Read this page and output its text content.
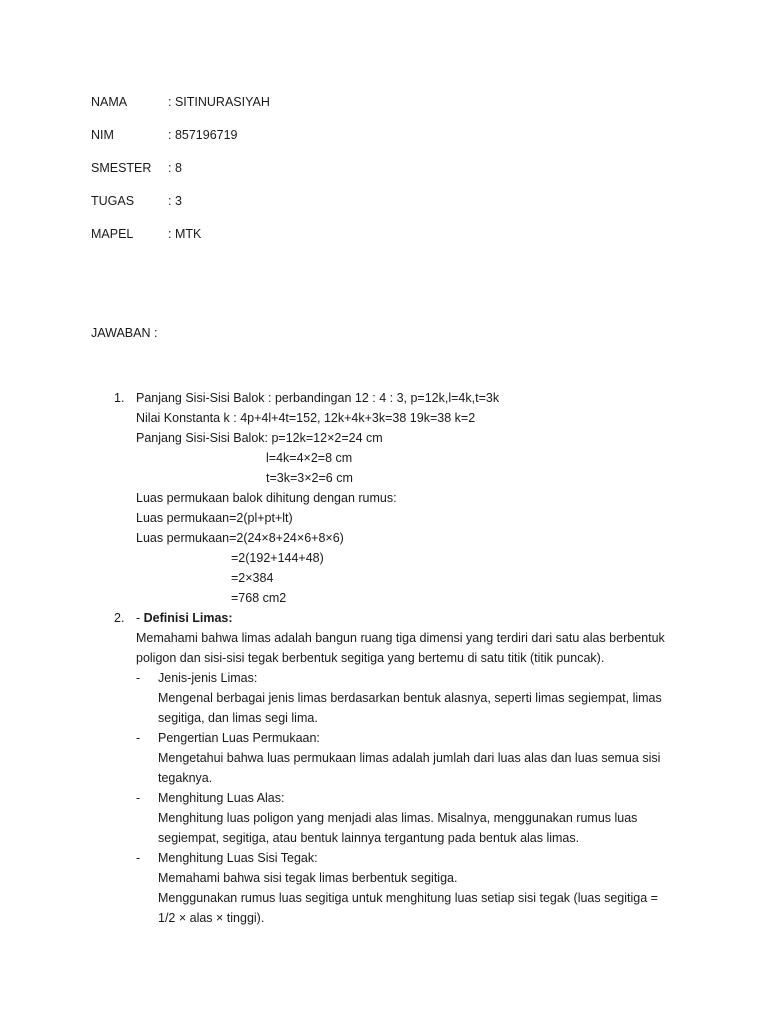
NAMA	: SITINURASIYAH
NIM	: 857196719
SMESTER : 8
TUGAS	: 3
MAPEL	: MTK
JAWABAN :
1. Panjang Sisi-Sisi Balok : perbandingan 12 : 4 : 3, p=12k,l=4k,t=3k
Nilai Konstanta k : 4p+4l+4t=152, 12k+4k+3k=38 19k=38 k=2
Panjang Sisi-Sisi Balok: p=12k=12×2=24 cm
l=4k=4×2=8 cm
t=3k=3×2=6 cm
Luas permukaan balok dihitung dengan rumus:
Luas permukaan=2(pl+pt+lt)
Luas permukaan=2(24×8+24×6+8×6)
=2(192+144+48)
=2×384
=768 cm2
2. - Definisi Limas:
Memahami bahwa limas adalah bangun ruang tiga dimensi yang terdiri dari satu alas berbentuk
poligon dan sisi-sisi tegak berbentuk segitiga yang bertemu di satu titik (titik puncak).
- Jenis-jenis Limas:
Mengenal berbagai jenis limas berdasarkan bentuk alasnya, seperti limas segiempat, limas
segitiga, dan limas segi lima.
- Pengertian Luas Permukaan:
Mengetahui bahwa luas permukaan limas adalah jumlah dari luas alas dan luas semua sisi
tegaknya.
- Menghitung Luas Alas:
Menghitung luas poligon yang menjadi alas limas. Misalnya, menggunakan rumus luas
segiempat, segitiga, atau bentuk lainnya tergantung pada bentuk alas limas.
- Menghitung Luas Sisi Tegak:
Memahami bahwa sisi tegak limas berbentuk segitiga.
Menggunakan rumus luas segitiga untuk menghitung luas setiap sisi tegak (luas segitiga =
1/2 × alas × tinggi).
